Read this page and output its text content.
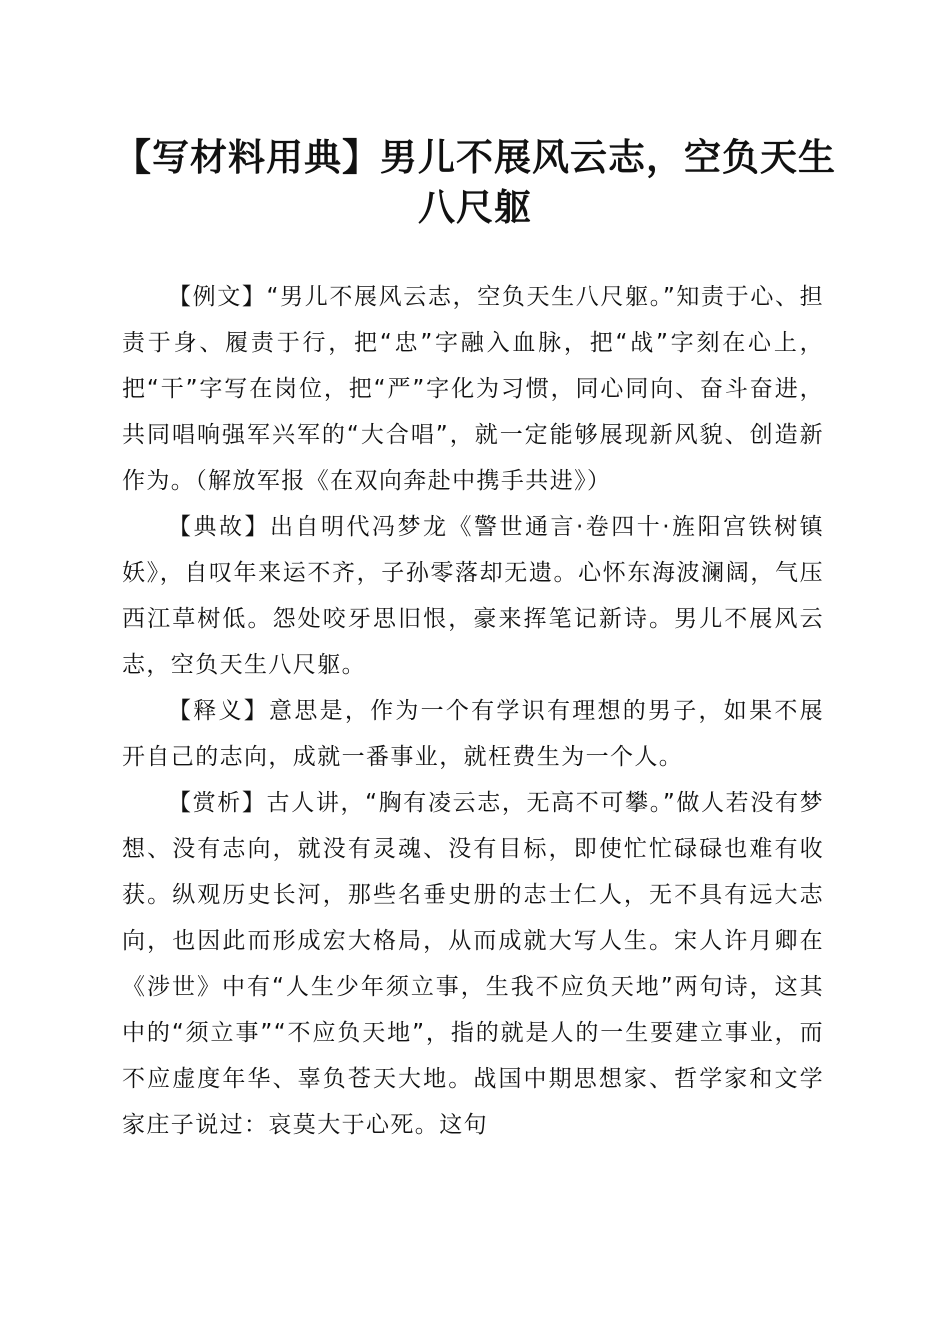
【写材料用典】男儿不展风云志，空负天生八尺躯

【例文】“男儿不展风云志，空负天生八尺躯。”知责于心、担责于身、履责于行，把“忠”字融入血脉，把“战”字刻在心上，把“干”字写在岗位，把“严”字化为习惯，同心同向、奋斗奋进，共同唱响强军兴军的“大合唱”，就一定能够展现新风貌、创造新作为。（解放军报《在双向奔赴中携手共进》）

【典故】出自明代冯梦龙《警世通言·卷四十·旌阳宫铁树镇妖》，自叹年来运不齐，子孙零落却无遗。心怀东海波澜阔，气压西江草树低。怨处咬牙思旧恨，豪来挥笔记新诗。男儿不展风云志，空负天生八尺躯。

【释义】意思是，作为一个有学识有理想的男子，如果不展开自己的志向，成就一番事业，就枉费生为一个人。

【赏析】古人讲，“胸有凌云志，无高不可攀。”做人若没有梦想、没有志向，就没有灵魂、没有目标，即使忙忙碌碌也难有收获。纵观历史长河，那些名垂史册的志士仁人，无不具有远大志向，也因此而形成宏大格局，从而成就大写人生。宋人许月卿在《涉世》中有“人生少年须立事，生我不应负天地”两句诗，这其中的“须立事”“不应负天地”，指的就是人的一生要建立事业，而不应虚度年华、辜负苍天大地。战国中期思想家、哲学家和文学家庄子说过：哀莫大于心死。这句
